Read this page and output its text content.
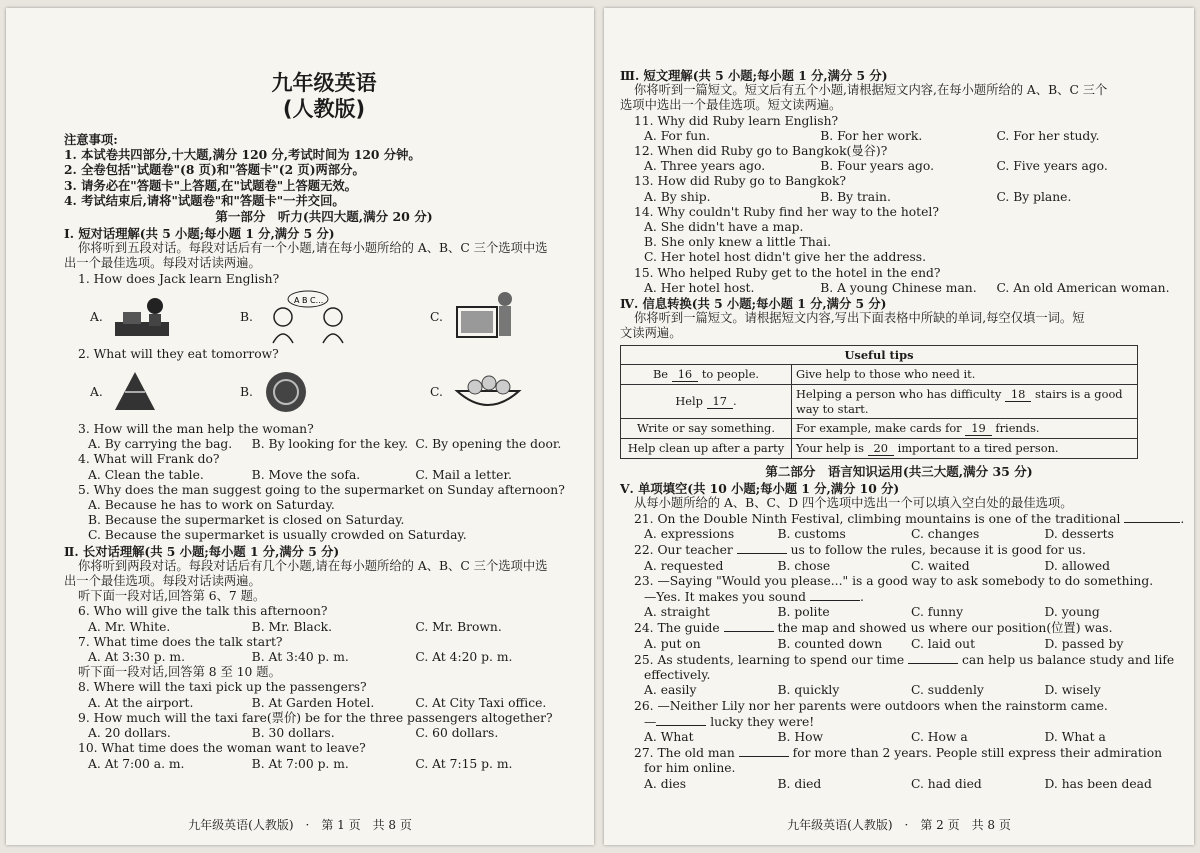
九年级英语
(人教版)
注意事项:
1. 本试卷共四部分,十大题,满分 120 分,考试时间为 120 分钟。
2. 全卷包括"试题卷"(8 页)和"答题卡"(2 页)两部分。
3. 请务必在"答题卡"上答题,在"试题卷"上答题无效。
4. 考试结束后,请将"试题卷"和"答题卡"一并交回。
第一部分　听力(共四大题,满分 20 分)
Ⅰ. 短对话理解(共 5 小题;每小题 1 分,满分 5 分)
你将听到五段对话。每段对话后有一个小题,请在每小题所给的 A、B、C 三个选项中选
出一个最佳选项。每段对话读两遍。
1. How does Jack learn English?
A.	B.
A B C...
C.
2. What will they eat tomorrow?
A.	B.	C.
3. How will the man help the woman?
A. By carrying the bag.	B. By looking for the key. C. By opening the door.
4. What will Frank do?
A. Clean the table.	B. Move the sofa.	C. Mail a letter.
5. Why does the man suggest going to the supermarket on Sunday afternoon?
A. Because he has to work on Saturday.
B. Because the supermarket is closed on Saturday.
C. Because the supermarket is usually crowded on Saturday.
Ⅱ. 长对话理解(共 5 小题;每小题 1 分,满分 5 分)
你将听到两段对话。每段对话后有几个小题,请在每小题所给的 A、B、C 三个选项中选
出一个最佳选项。每段对话读两遍。
听下面一段对话,回答第 6、7 题。
6. Who will give the talk this afternoon?
A. Mr. White.	B. Mr. Black.	C. Mr. Brown.
7. What time does the talk start?
A. At 3:30 p. m.	B. At 3:40 p. m.	C. At 4:20 p. m.
听下面一段对话,回答第 8 至 10 题。
8. Where will the taxi pick up the passengers?
A. At the airport.	B. At Garden Hotel.	C. At City Taxi office.
9. How much will the taxi fare(票价) be for the three passengers altogether?
A. 20 dollars.	B. 30 dollars.	C. 60 dollars.
10. What time does the woman want to leave?
A. At 7:00 a. m.	B. At 7:00 p. m.	C. At 7:15 p. m.
九年级英语(人教版)　·　第 1 页　共 8 页
Ⅲ. 短文理解(共 5 小题;每小题 1 分,满分 5 分)
你将听到一篇短文。短文后有五个小题,请根据短文内容,在每小题所给的 A、B、C 三个
选项中选出一个最佳选项。短文读两遍。
11. Why did Ruby learn English?
A. For fun.	B. For her work.	C. For her study.
12. When did Ruby go to Bangkok(曼谷)?
A. Three years ago.	B. Four years ago.	C. Five years ago.
13. How did Ruby go to Bangkok?
A. By ship.	B. By train.	C. By plane.
14. Why couldn't Ruby find her way to the hotel?
A. She didn't have a map.
B. She only knew a little Thai.
C. Her hotel host didn't give her the address.
15. Who helped Ruby get to the hotel in the end?
A. Her hotel host.	B. A young Chinese man.	C. An old American woman.
Ⅳ. 信息转换(共 5 小题;每小题 1 分,满分 5 分)
你将听到一篇短文。请根据短文内容,写出下面表格中所缺的单词,每空仅填一词。短
文读两遍。
Useful tips	
Be 16 to people.	Give help to those who need it.
Help 17 .	Helping a person who has difficulty 18 stairs is a good way to start.
Write or say something.	For example, make cards for 19 friends.
Help clean up after a party	Your help is 20 important to a tired person.
第二部分　语言知识运用(共三大题,满分 35 分)
Ⅴ. 单项填空(共 10 小题;每小题 1 分,满分 10 分)
从每小题所给的 A、B、C、D 四个选项中选出一个可以填入空白处的最佳选项。
21. On the Double Ninth Festival, climbing mountains is one of the traditional	.
A. expressions	B. customs	C. changes	D. desserts
22. Our teacher	us to follow the rules, because it is good for us.
A. requested	B. chose	C. waited	D. allowed
23. —Saying "Would you please..." is a good way to ask somebody to do something.
—Yes. It makes you sound	.
A. straight	B. polite	C. funny	D. young
24. The guide	the map and showed us where our position(位置) was.
A. put on	B. counted down	C. laid out	D. passed by
25. As students, learning to spend our time	can help us balance study and life
effectively.
A. easily	B. quickly	C. suddenly	D. wisely
26. —Neither Lily nor her parents were outdoors when the rainstorm came.
—	lucky they were!
A. What	B. How	C. How a	D. What a
27. The old man	for more than 2 years. People still express their admiration
for him online.
A. dies	B. died	C. had died	D. has been dead
九年级英语(人教版)　·　第 2 页　共 8 页
